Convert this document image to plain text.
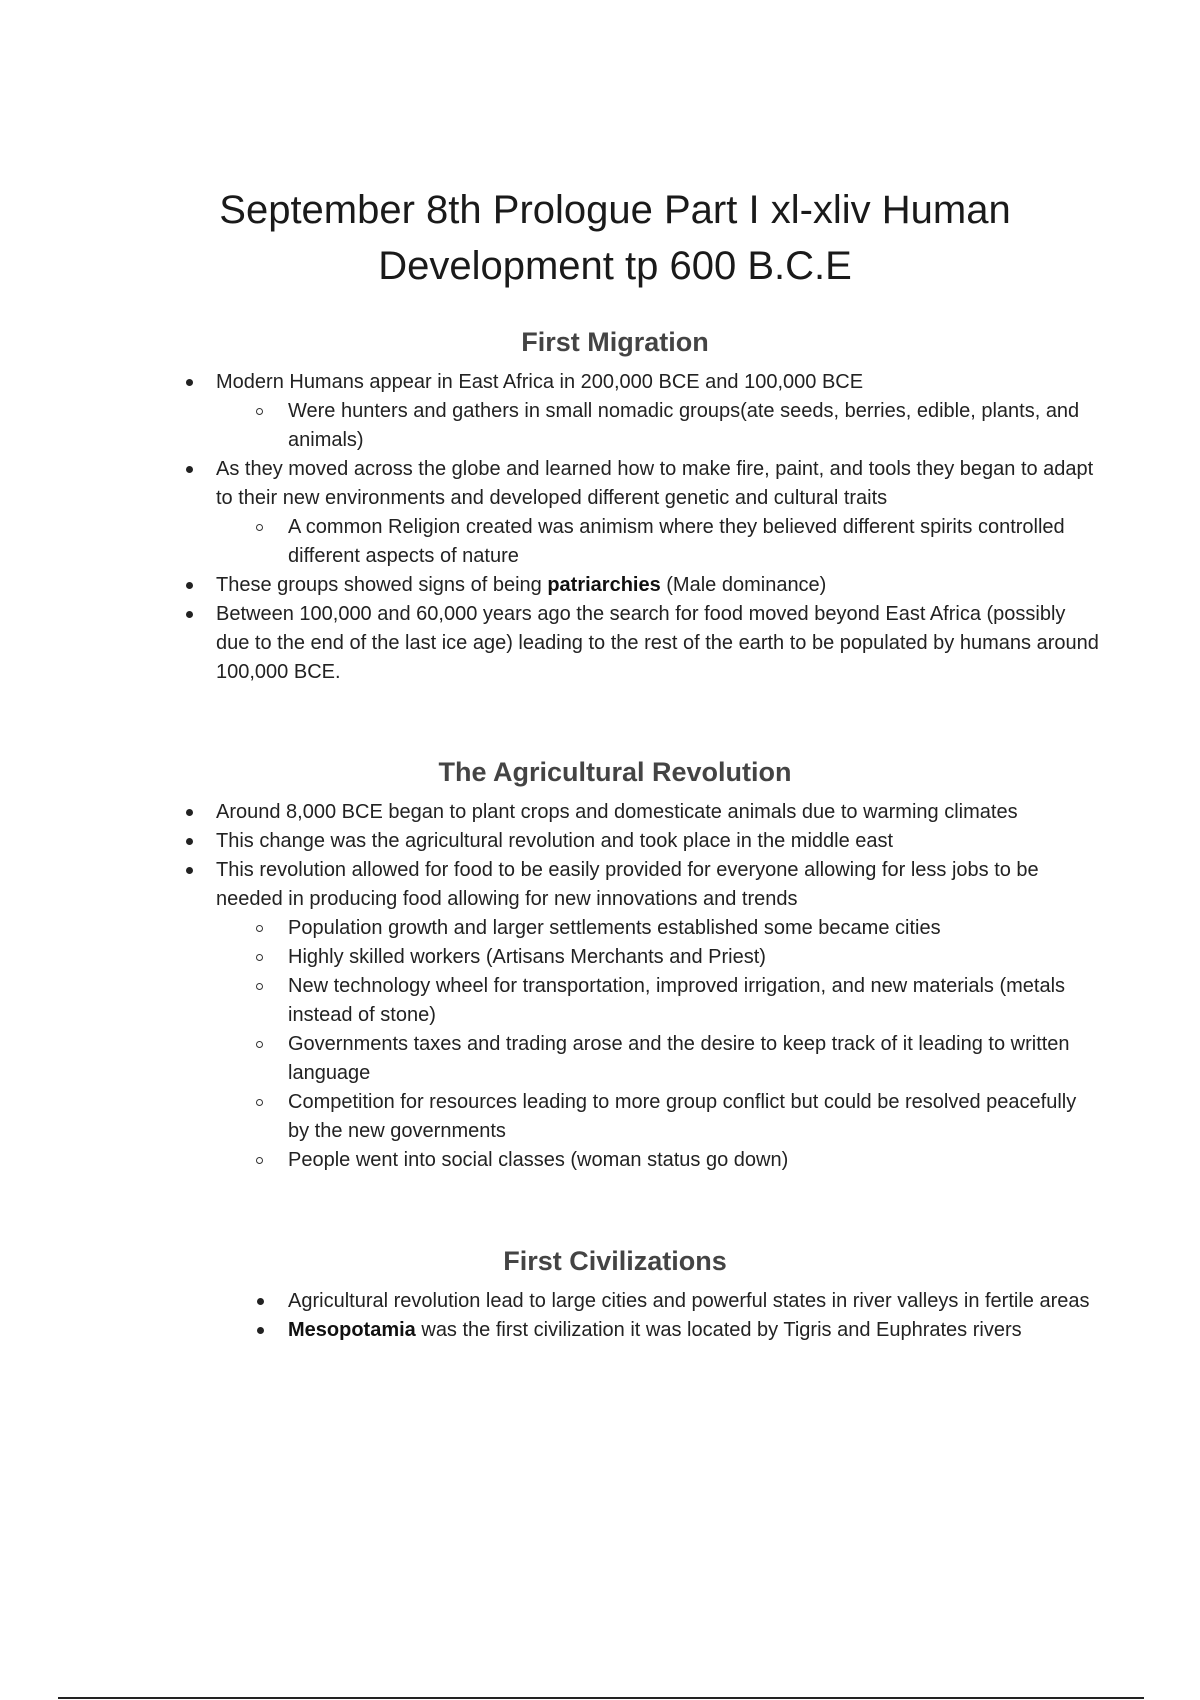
September 8th Prologue Part I xl-xliv Human
Development tp 600 B.C.E
First Migration
Modern Humans appear in East Africa in 200,000 BCE and 100,000 BCE
Were hunters and gathers in small nomadic groups(ate seeds, berries, edible, plants, and animals)
As they moved across the globe and learned how to make fire, paint, and tools they began to adapt to their new environments and developed different genetic and cultural traits
A common Religion created was animism where they believed different spirits controlled different aspects of nature
These groups showed signs of being patriarchies (Male dominance)
Between 100,000 and 60,000 years ago the search for food moved beyond East Africa (possibly due to the end of the last ice age) leading to the rest of the earth to be populated by humans around 100,000 BCE.
The Agricultural Revolution
Around 8,000 BCE began to plant crops and domesticate animals due to warming climates
This change was the agricultural revolution and took place in the middle east
This revolution allowed for food to be easily provided for everyone allowing for less jobs to be needed in producing food allowing for new innovations and trends
Population growth and larger settlements established some became cities
Highly skilled workers (Artisans Merchants and Priest)
New technology wheel for transportation, improved irrigation, and new materials (metals instead of stone)
Governments taxes and trading arose and the desire to keep track of it leading to written language
Competition for resources leading to more group conflict but could be resolved peacefully by the new governments
People went into social classes (woman status go down)
First Civilizations
Agricultural revolution lead to large cities and powerful states in river valleys in fertile areas
Mesopotamia was the first civilization it was located by Tigris and Euphrates rivers
